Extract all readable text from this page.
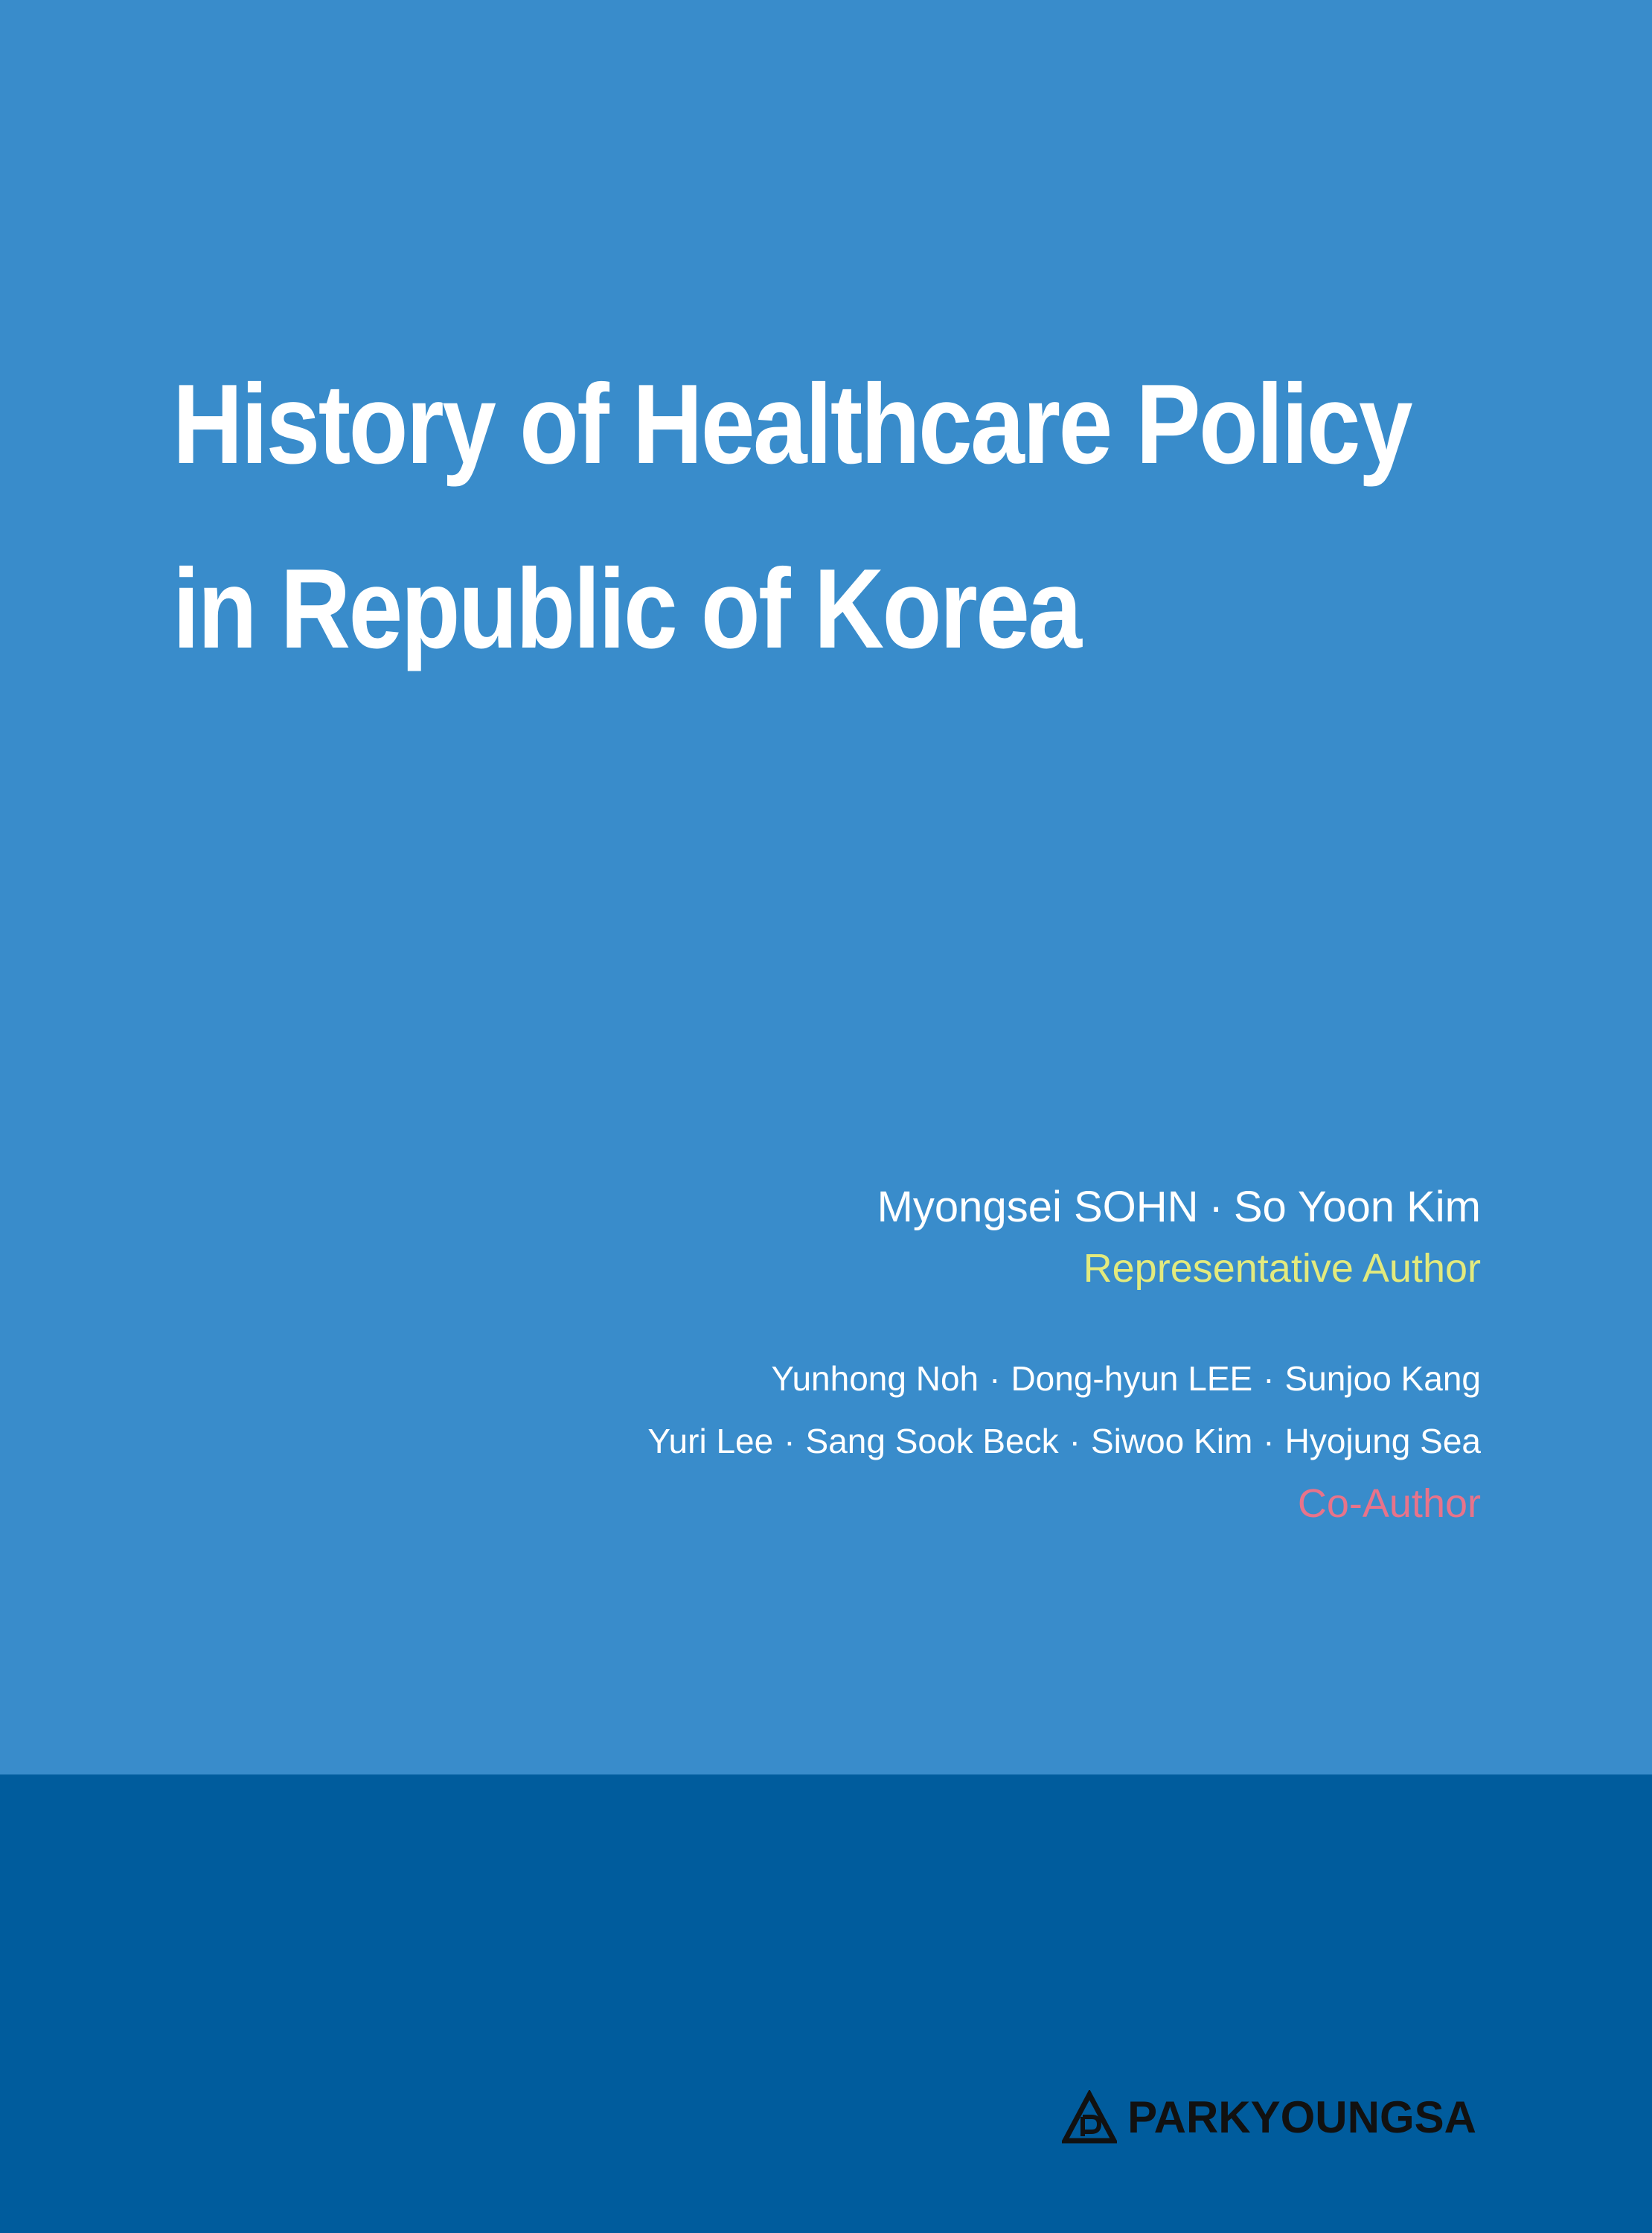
History of Healthcare Policy
in Republic of Korea
Myongsei SOHN · So Yoon Kim
Representative Author
Yunhong Noh · Dong-hyun LEE · Sunjoo Kang
Yuri Lee · Sang Sook Beck · Siwoo Kim · Hyojung Sea
Co-Author
PARKYOUNGSA
